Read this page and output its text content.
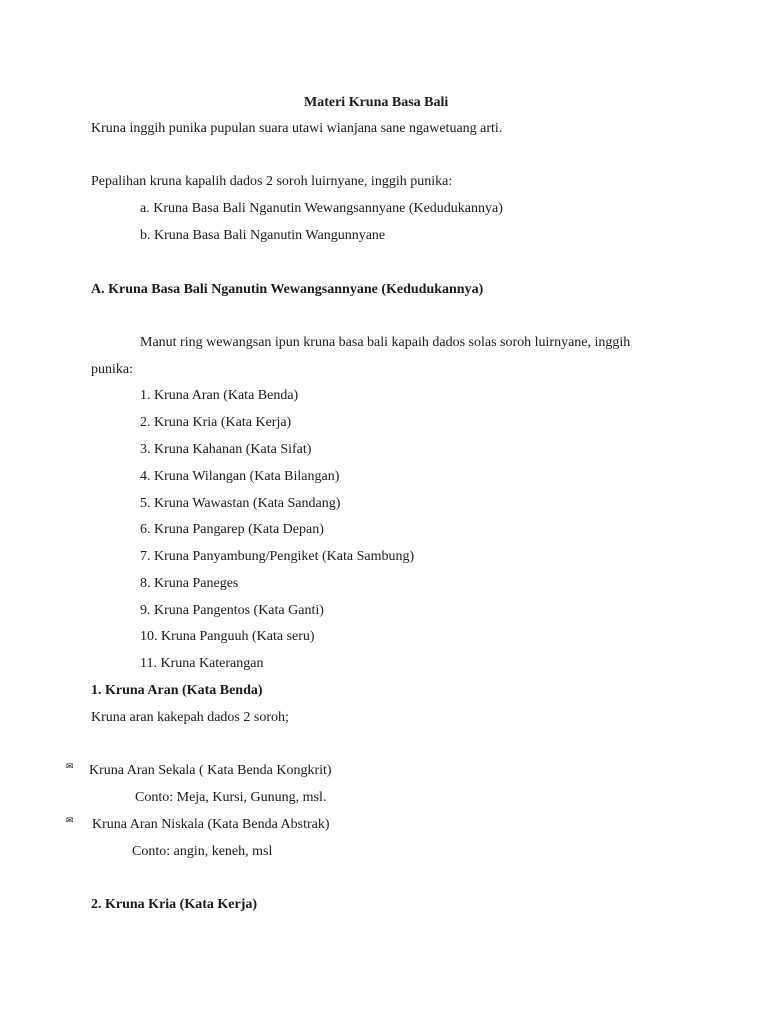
Materi Kruna Basa Bali
Kruna inggih punika pupulan suara utawi wianjana sane ngawetuang arti.
Pepalihan kruna kapalih dados 2 soroh luirnyane, inggih punika:
a. Kruna Basa Bali Nganutin Wewangsannyane (Kedudukannya)
b. Kruna Basa Bali Nganutin Wangunnyane
A. Kruna Basa Bali Nganutin Wewangsannyane (Kedudukannya)
Manut ring wewangsan ipun kruna basa bali kapaih dados solas soroh luirnyane, inggih
punika:
1. Kruna Aran (Kata Benda)
2. Kruna Kria (Kata Kerja)
3. Kruna Kahanan (Kata Sifat)
4. Kruna Wilangan (Kata Bilangan)
5. Kruna Wawastan (Kata Sandang)
6. Kruna Pangarep (Kata Depan)
7. Kruna Panyambung/Pengiket (Kata Sambung)
8. Kruna Paneges
9. Kruna Pangentos (Kata Ganti)
10. Kruna Panguuh (Kata seru)
11. Kruna Katerangan
1. Kruna Aran (Kata Benda)
Kruna aran kakepah dados 2 soroh;
✉ Kruna Aran Sekala ( Kata Benda Kongkrit)
Conto: Meja, Kursi, Gunung, msl.
✉ Kruna Aran Niskala (Kata Benda Abstrak)
Conto: angin, keneh, msl
2. Kruna Kria (Kata Kerja)
